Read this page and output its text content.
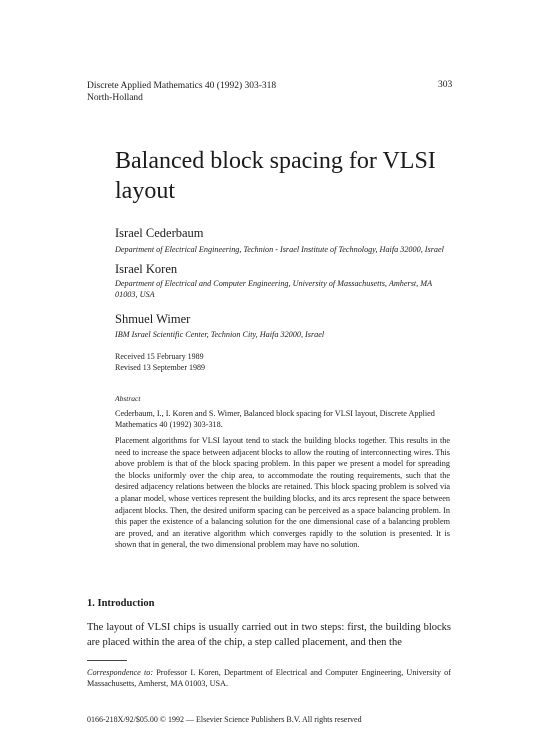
Discrete Applied Mathematics 40 (1992) 303-318
North-Holland
303
Balanced block spacing for VLSI layout
Israel Cederbaum
Department of Electrical Engineering, Technion - Israel Institute of Technology, Haifa 32000, Israel
Israel Koren
Department of Electrical and Computer Engineering, University of Massachusetts, Amherst, MA 01003, USA
Shmuel Wimer
IBM Israel Scientific Center, Technion City, Haifa 32000, Israel
Received 15 February 1989
Revised 13 September 1989
Abstract
Cederbaum, I., I. Koren and S. Wimer, Balanced block spacing for VLSI layout, Discrete Applied Mathematics 40 (1992) 303-318.
Placement algorithms for VLSI layout tend to stack the building blocks together. This results in the need to increase the space between adjacent blocks to allow the routing of interconnecting wires. This above problem is that of the block spacing problem. In this paper we present a model for spreading the blocks uniformly over the chip area, to accommodate the routing requirements, such that the desired adjacency relations between the blocks are retained. This block spacing problem is solved via a planar model, whose vertices represent the building blocks, and its arcs represent the space between adjacent blocks. Then, the desired uniform spacing can be perceived as a space balancing problem. In this paper the existence of a balancing solution for the one dimensional case of a balancing problem are proved, and an iterative algorithm which converges rapidly to the solution is presented. It is shown that in general, the two dimensional problem may have no solution.
1. Introduction
The layout of VLSI chips is usually carried out in two steps: first, the building blocks are placed within the area of the chip, a step called placement, and then the
Correspondence to: Professor I. Koren, Department of Electrical and Computer Engineering, University of Massachusetts, Amherst, MA 01003, USA.
0166-218X/92/$05.00 © 1992 — Elsevier Science Publishers B.V. All rights reserved
